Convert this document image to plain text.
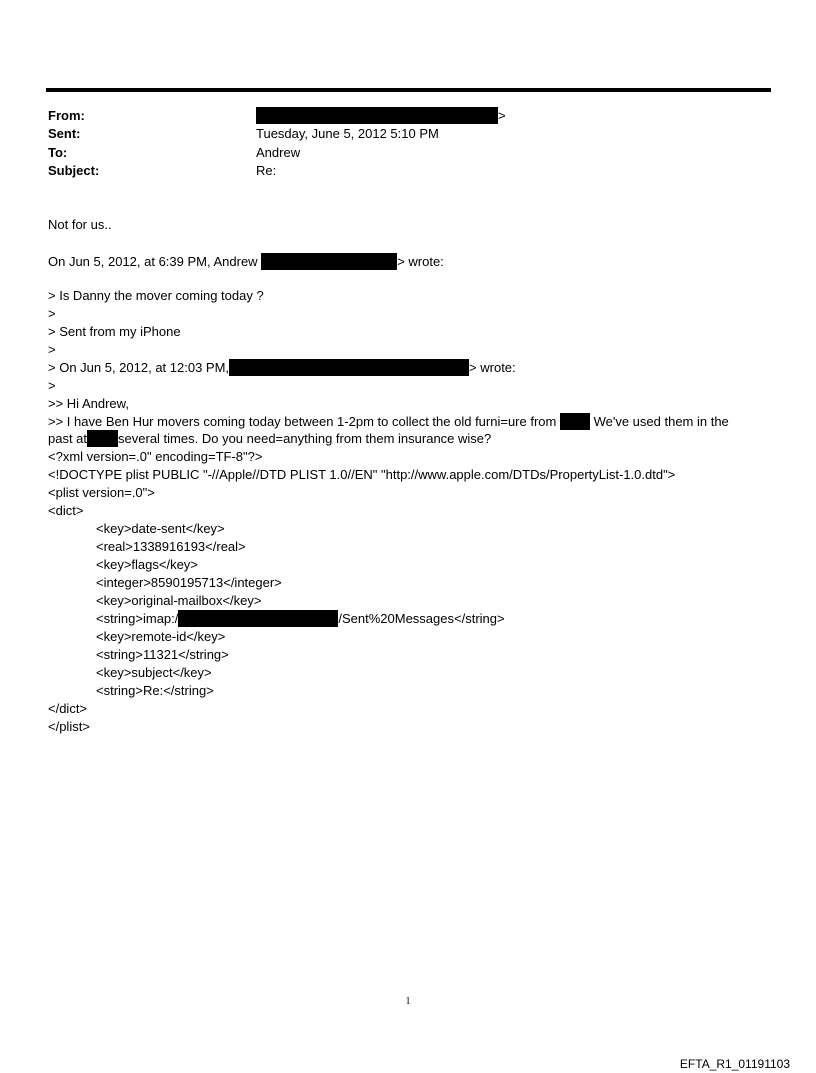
From:	>
Sent:	Tuesday, June 5, 2012 5:10 PM
To:	Andrew
Subject:	Re:
Not for us..
On Jun 5, 2012, at 6:39 PM, Andrew	> wrote:
> Is Danny the mover coming today ?
>
> Sent from my iPhone
>
> On Jun 5, 2012, at 12:03 PM,	> wrote:
>
>> Hi Andrew,
>> I have Ben Hur movers coming today between 1-2pm to collect the old furni=ure from  We've used them in the
past at several times. Do you need=anything from them insurance wise?
<?xml version=.0" encoding=TF-8"?>
<!DOCTYPE plist PUBLIC "-//Apple//DTD PLIST 1.0//EN" "http://www.apple.com/DTDs/PropertyList-1.0.dtd">
<plist version=.0">
<dict>
<key>date-sent</key>
<real>1338916193</real>
<key>flags</key>
<integer>8590195713</integer>
<key>original-mailbox</key>
<string>imap:/	/Sent%20Messages</string>
<key>remote-id</key>
<string>11321</string>
<key>subject</key>
<string>Re:</string>
</dict>
</plist>
1
EFTA_R1_01191103
